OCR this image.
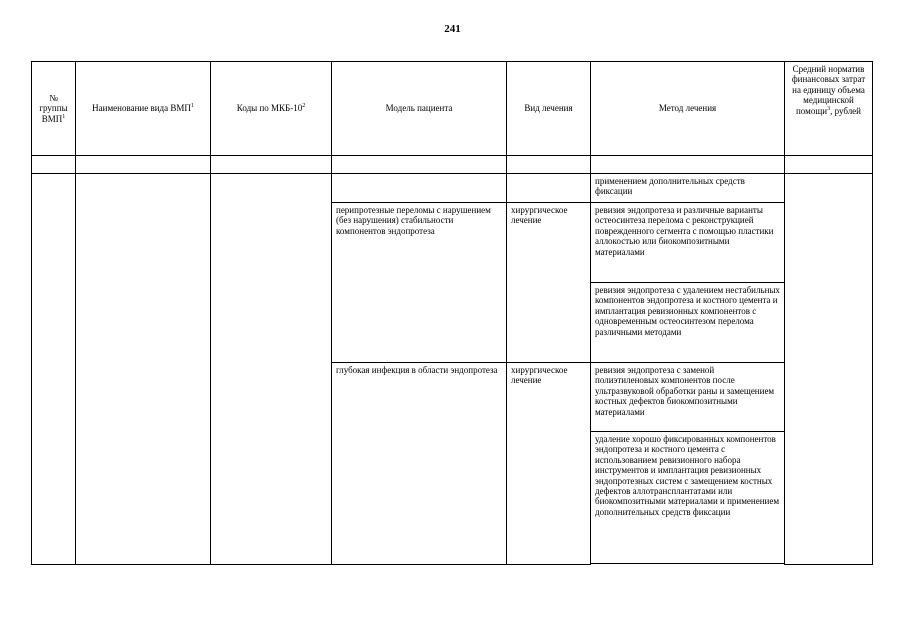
241
№ группы ВМП$^1$	Наименование вида ВМП$^1$	Коды по МКБ-$10^2$	Модель пациента	Вид лечения	Метод лечения	Средний норматив финансовых затрат на единицу объема медицинской помощи$^3$, рублей

					применением дополнительных средств фиксации	
			перипротезные переломы с нарушением (без нарушения) стабильности компонентов эндопротеза	хирургическое лечение	ревизия эндопротеза и различные варианты остеосинтеза перелома с реконструкцией поврежденного сегмента с помощью пластики аллокостью или биокомпозитными материалами	
					ревизия эндопротеза с удалением нестабильных компонентов эндопротеза и костного цемента и имплантация ревизионных компонентов с одновременным остеосинтезом перелома различными методами	
			глубокая инфекция в области эндопротеза	хирургическое лечение	ревизия эндопротеза с заменой полиэтиленовых компонентов после ультразвуковой обработки раны и замещением костных дефектов биокомпозитными материалами	
					удаление хорошо фиксированных компонентов эндопротеза и костного цемента с использованием ревизионного набора инструментов и имплантация ревизионных эндопротезных систем с замещением костных дефектов аллотрансплантатами или биокомпозитными материалами и применением дополнительных средств фиксации	
